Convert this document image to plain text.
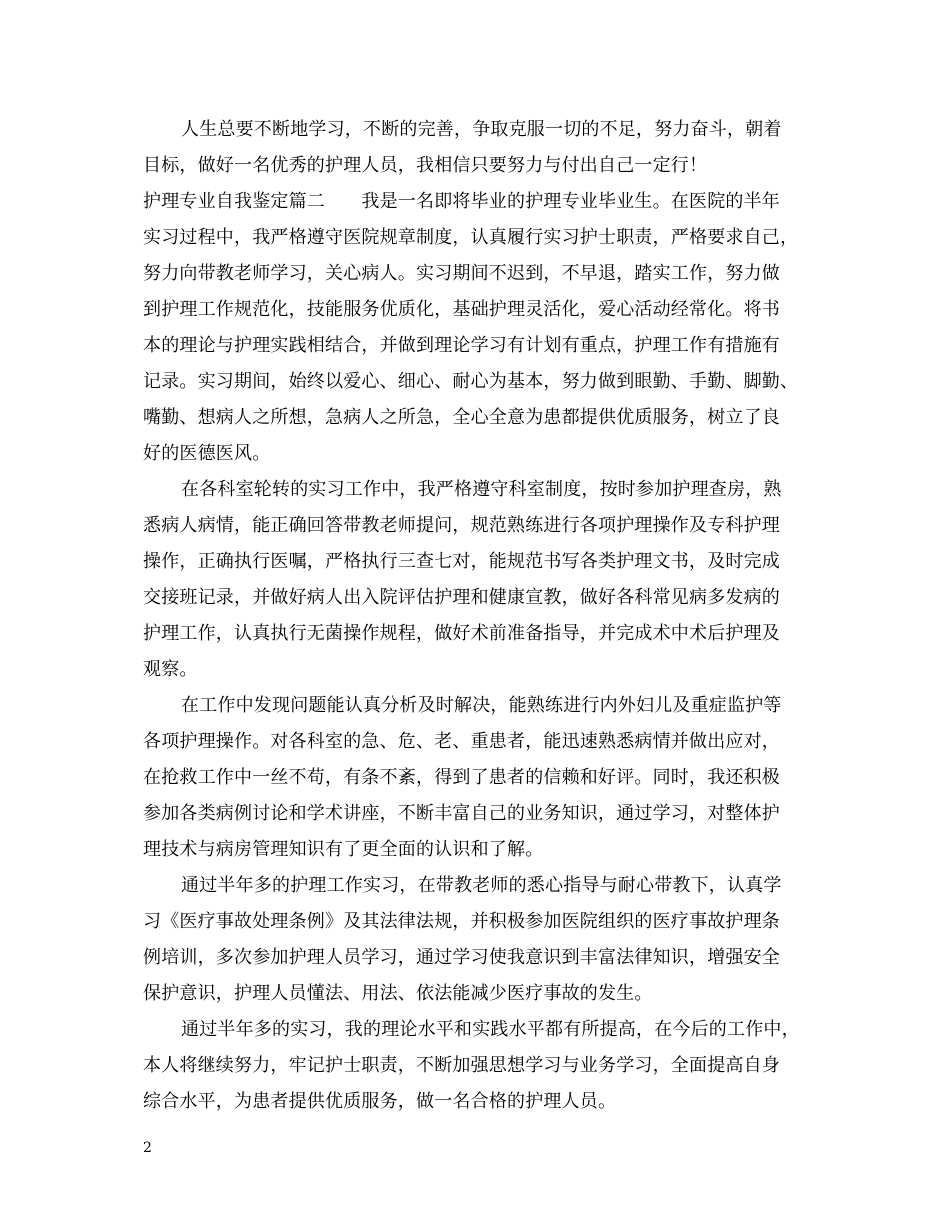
人生总要不断地学习，不断的完善，争取克服一切的不足，努力奋斗，朝着

目标，做好一名优秀的护理人员，我相信只要努力与付出自己一定行！

护理专业自我鉴定篇二　　我是一名即将毕业的护理专业毕业生。在医院的半年

实习过程中，我严格遵守医院规章制度，认真履行实习护士职责，严格要求自己，

努力向带教老师学习，关心病人。实习期间不迟到，不早退，踏实工作，努力做

到护理工作规范化，技能服务优质化，基础护理灵活化，爱心活动经常化。将书

本的理论与护理实践相结合，并做到理论学习有计划有重点，护理工作有措施有

记录。实习期间，始终以爱心、细心、耐心为基本，努力做到眼勤、手勤、脚勤、

嘴勤、想病人之所想，急病人之所急，全心全意为患都提供优质服务，树立了良

好的医德医风。

在各科室轮转的实习工作中，我严格遵守科室制度，按时参加护理查房，熟

悉病人病情，能正确回答带教老师提问，规范熟练进行各项护理操作及专科护理

操作，正确执行医嘱，严格执行三查七对，能规范书写各类护理文书，及时完成

交接班记录，并做好病人出入院评估护理和健康宣教，做好各科常见病多发病的

护理工作，认真执行无菌操作规程，做好术前准备指导，并完成术中术后护理及

观察。

在工作中发现问题能认真分析及时解决，能熟练进行内外妇儿及重症监护等

各项护理操作。对各科室的急、危、老、重患者，能迅速熟悉病情并做出应对，

在抢救工作中一丝不苟，有条不紊，得到了患者的信赖和好评。同时，我还积极

参加各类病例讨论和学术讲座，不断丰富自己的业务知识，通过学习，对整体护

理技术与病房管理知识有了更全面的认识和了解。

通过半年多的护理工作实习，在带教老师的悉心指导与耐心带教下，认真学

习《医疗事故处理条例》及其法律法规，并积极参加医院组织的医疗事故护理条

例培训，多次参加护理人员学习，通过学习使我意识到丰富法律知识，增强安全

保护意识，护理人员懂法、用法、依法能减少医疗事故的发生。

通过半年多的实习，我的理论水平和实践水平都有所提高，在今后的工作中，

本人将继续努力，牢记护士职责，不断加强思想学习与业务学习，全面提高自身

综合水平，为患者提供优质服务，做一名合格的护理人员。

2
